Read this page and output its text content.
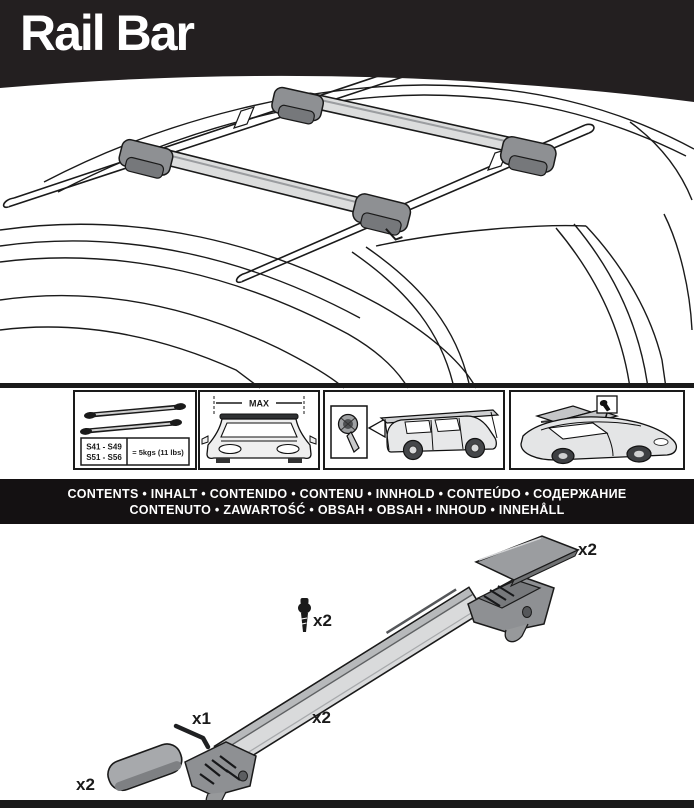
Rail Bar
S41 - S49
S51 - S56
= 5kgs (11 lbs)
MAX
CONTENTS • INHALT • CONTENIDO • CONTENU • INNHOLD • CONTEÚDO • СОДЕРЖАНИЕ
CONTENUTO • ZAWARTOŚĆ • OBSAH • OBSAH • INHOUD • INNEHÅLL
x2
x2
x2
x1
x2
